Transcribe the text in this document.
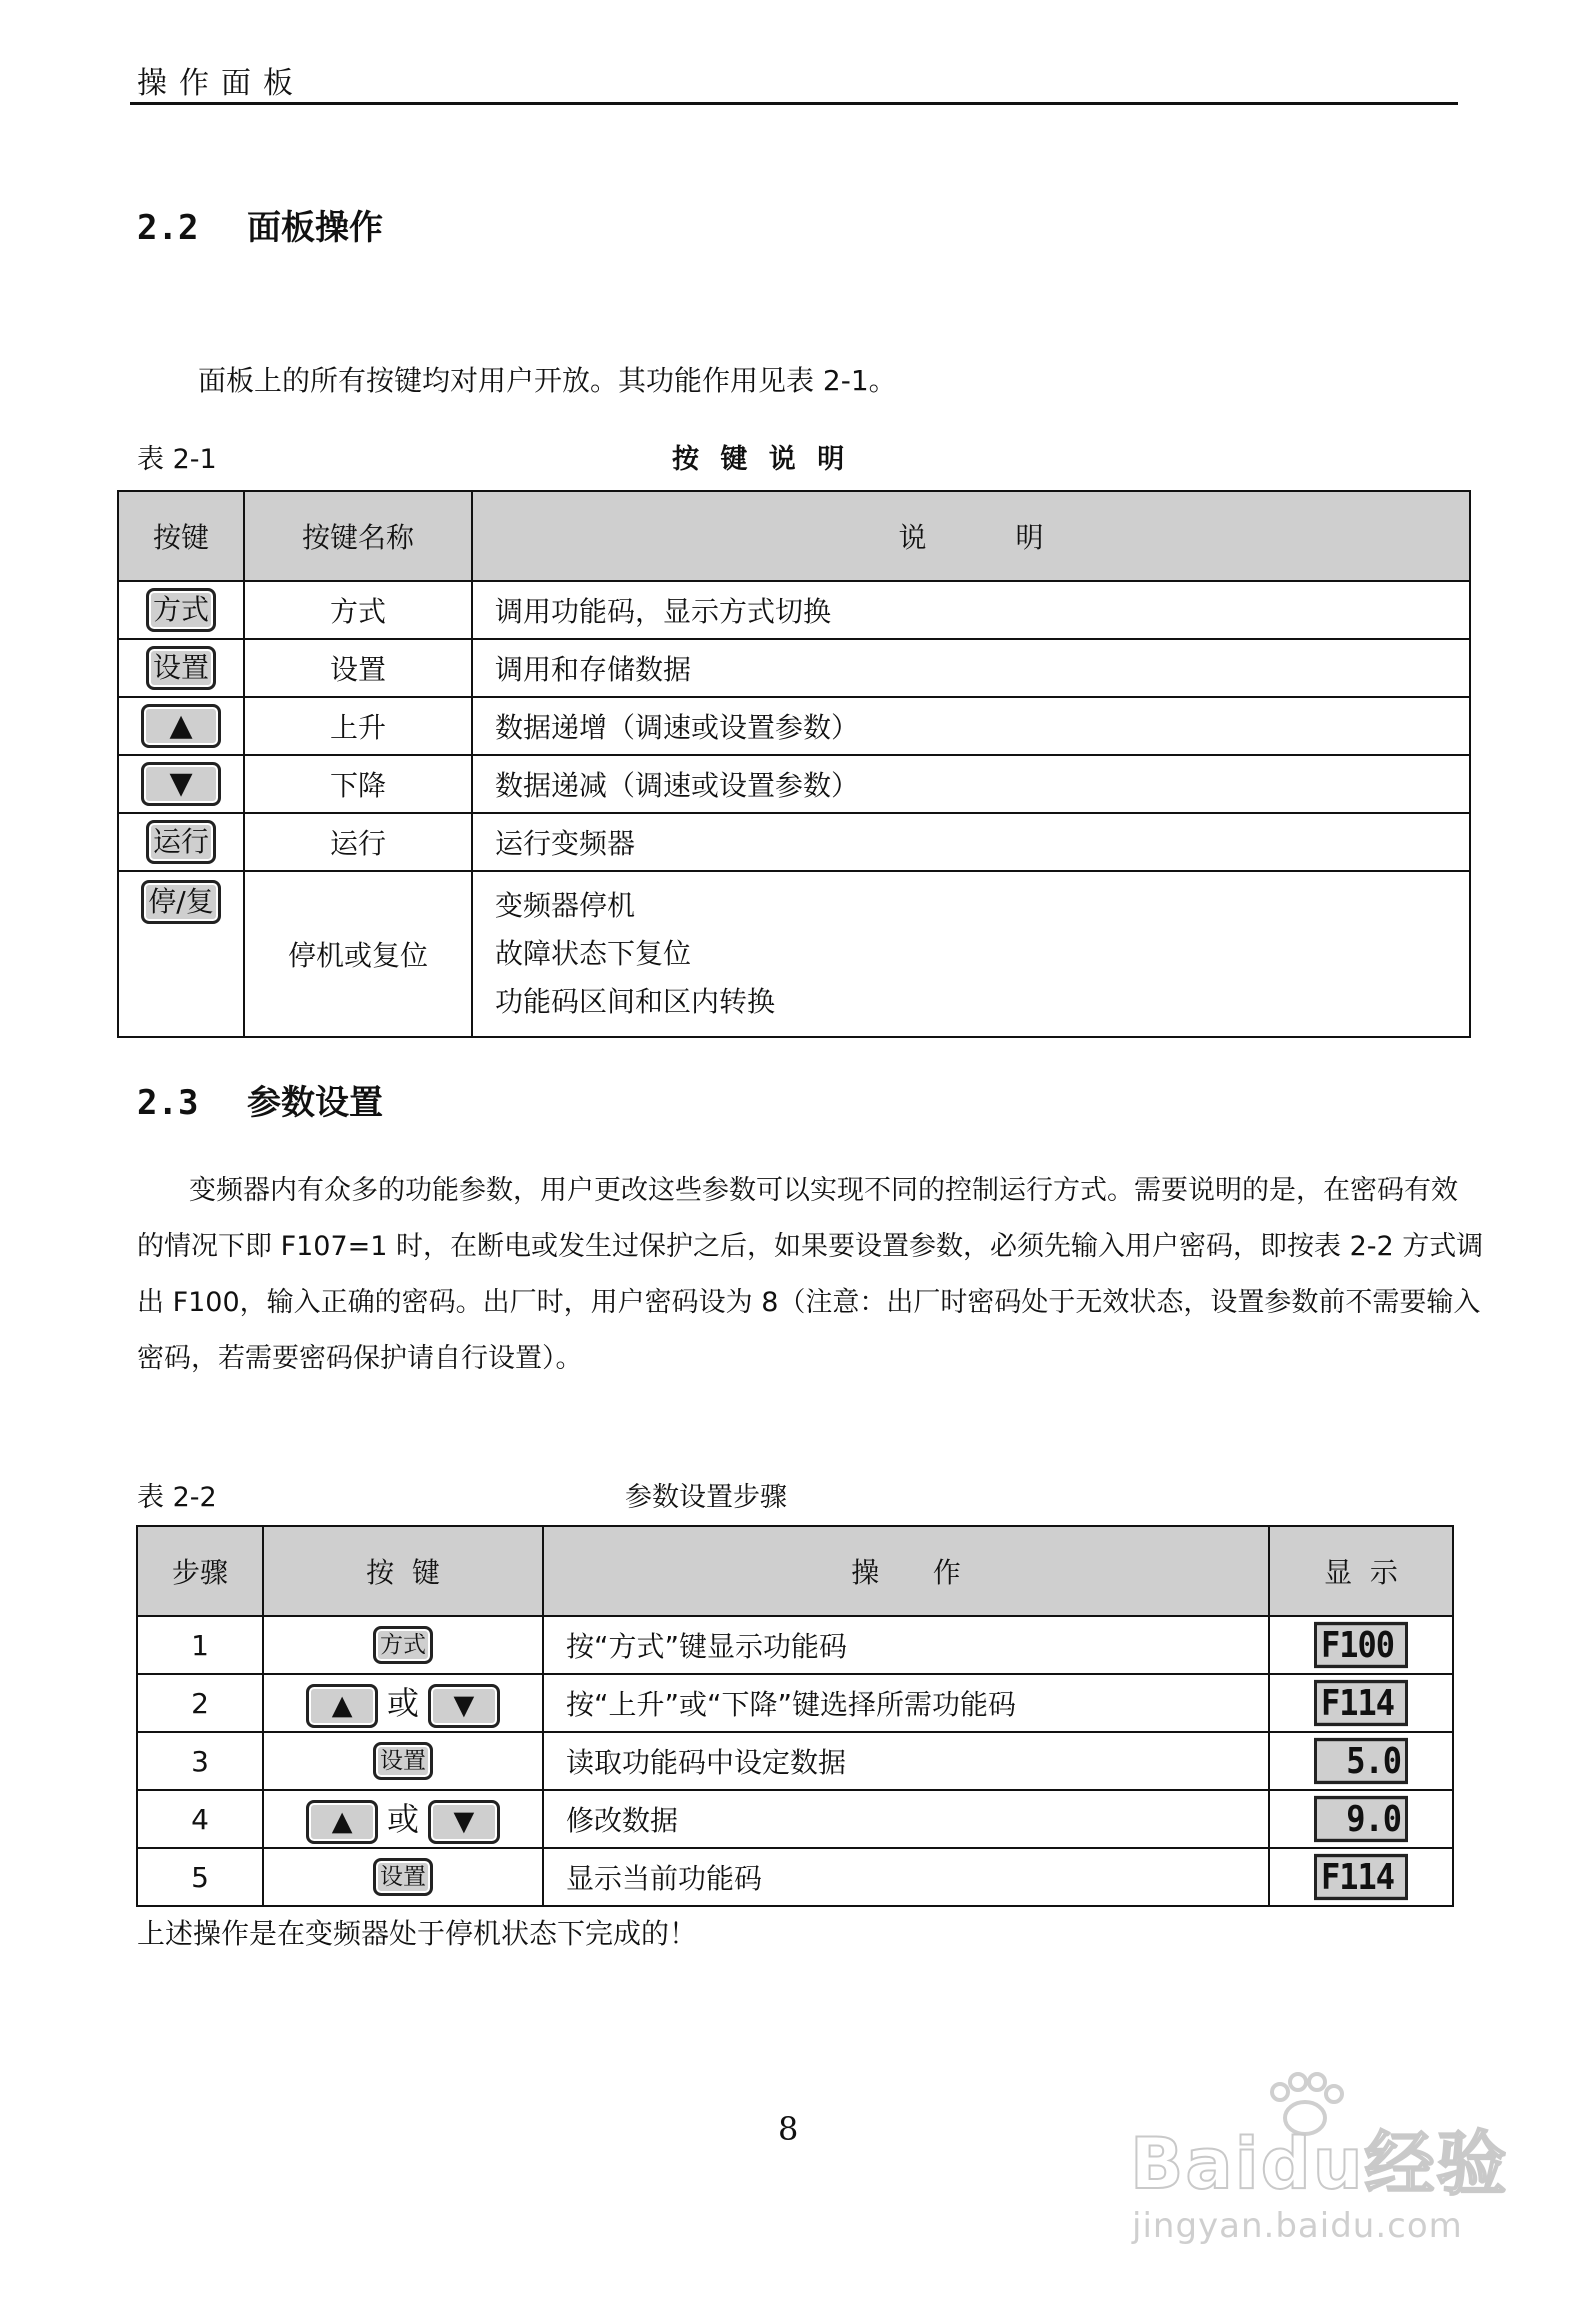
操作面板
2.2 面板操作
面板上的所有按键均对用户开放。其功能作用见表 2-1。
表 2-1	按 键 说 明
按键	按键名称	说          明
方式	方式	调用功能码，显示方式切换
设置	设置	调用和存储数据
▲	上升	数据递增（调速或设置参数）
▼	下降	数据递减（调速或设置参数）
运行	运行	运行变频器
停/复	停机或复位	变频器停机
故障状态下复位
功能码区间和区内转换
2.3 参数设置
变频器内有众多的功能参数，用户更改这些参数可以实现不同的控制运行方式。需要说明的是，在密码有效
的情况下即 F107=1 时，在断电或发生过保护之后，如果要设置参数，必须先输入用户密码，即按表 2-2 方式调
出 F100，输入正确的密码。出厂时，用户密码设为 8（注意：出厂时密码处于无效状态，设置参数前不需要输入
密码，若需要密码保护请自行设置）。
表 2-2	参数设置步骤
步骤	按  键	操      作	显  示
1	方式	按“方式”键显示功能码	F100
2	▲ 或 ▼	按“上升”或“下降”键选择所需功能码	F114
3	设置	读取功能码中设定数据	5.0
4	▲ 或 ▼	修改数据	9.0
5	设置	显示当前功能码	F114
上述操作是在变频器处于停机状态下完成的！
8	Baidu经验
jingyan.baidu.com
